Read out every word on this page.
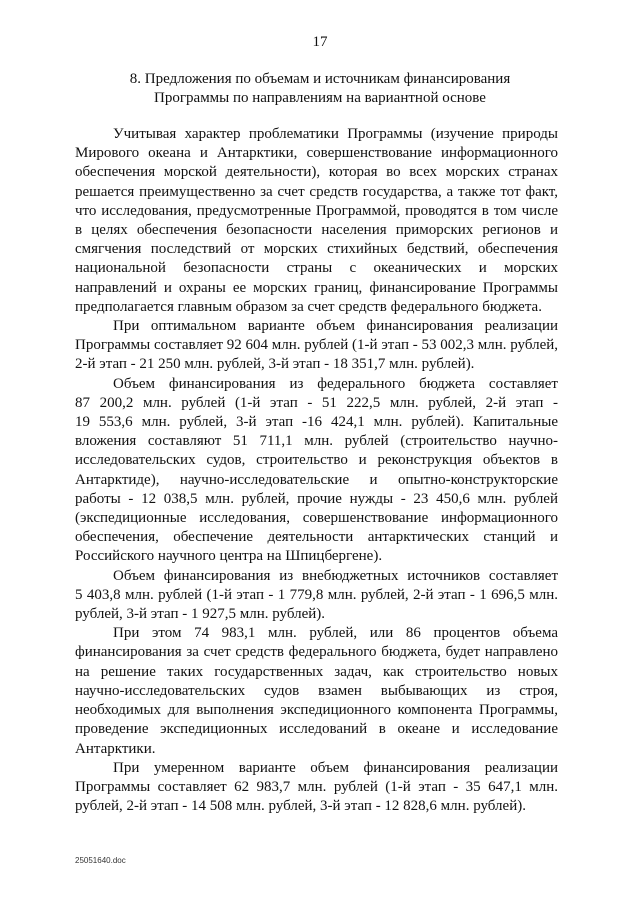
17
8. Предложения по объемам и источникам финансирования
Программы по направлениям на вариантной основе
Учитывая характер проблематики Программы (изучение природы
Мирового океана и Антарктики, совершенствование информационного
обеспечения морской деятельности), которая во всех морских странах
решается преимущественно за счет средств государства, а также тот факт,
что исследования, предусмотренные Программой, проводятся в том числе
в целях обеспечения безопасности населения приморских регионов и
смягчения последствий от морских стихийных бедствий, обеспечения
национальной безопасности страны с океанических и морских
направлений и охраны ее морских границ, финансирование Программы
предполагается главным образом за счет средств федерального бюджета.
При оптимальном варианте объем финансирования реализации
Программы составляет 92 604 млн. рублей (1-й этап - 53 002,3 млн. рублей,
2-й этап - 21 250 млн. рублей, 3-й этап - 18 351,7 млн. рублей).
Объем финансирования из федерального бюджета составляет
87 200,2 млн. рублей (1-й этап - 51 222,5 млн. рублей, 2-й этап -
19 553,6 млн. рублей, 3-й этап -16 424,1 млн. рублей). Капитальные
вложения составляют 51 711,1 млн. рублей (строительство научно-
исследовательских судов, строительство и реконструкция объектов в
Антарктиде), научно-исследовательские и опытно-конструкторские
работы - 12 038,5 млн. рублей, прочие нужды - 23 450,6 млн. рублей
(экспедиционные исследования, совершенствование информационного
обеспечения, обеспечение деятельности антарктических станций и
Российского научного центра на Шпицбергене).
Объем финансирования из внебюджетных источников составляет
5 403,8 млн. рублей (1-й этап - 1 779,8 млн. рублей, 2-й этап - 1 696,5 млн.
рублей, 3-й этап - 1 927,5 млн. рублей).
При этом 74 983,1 млн. рублей, или 86 процентов объема
финансирования за счет средств федерального бюджета, будет направлено
на решение таких государственных задач, как строительство новых
научно-исследовательских судов взамен выбывающих из строя,
необходимых для выполнения экспедиционного компонента Программы,
проведение экспедиционных исследований в океане и исследование
Антарктики.
При умеренном варианте объем финансирования реализации
Программы составляет 62 983,7 млн. рублей (1-й этап - 35 647,1 млн.
рублей, 2-й этап - 14 508 млн. рублей, 3-й этап - 12 828,6 млн. рублей).
25051640.doc
